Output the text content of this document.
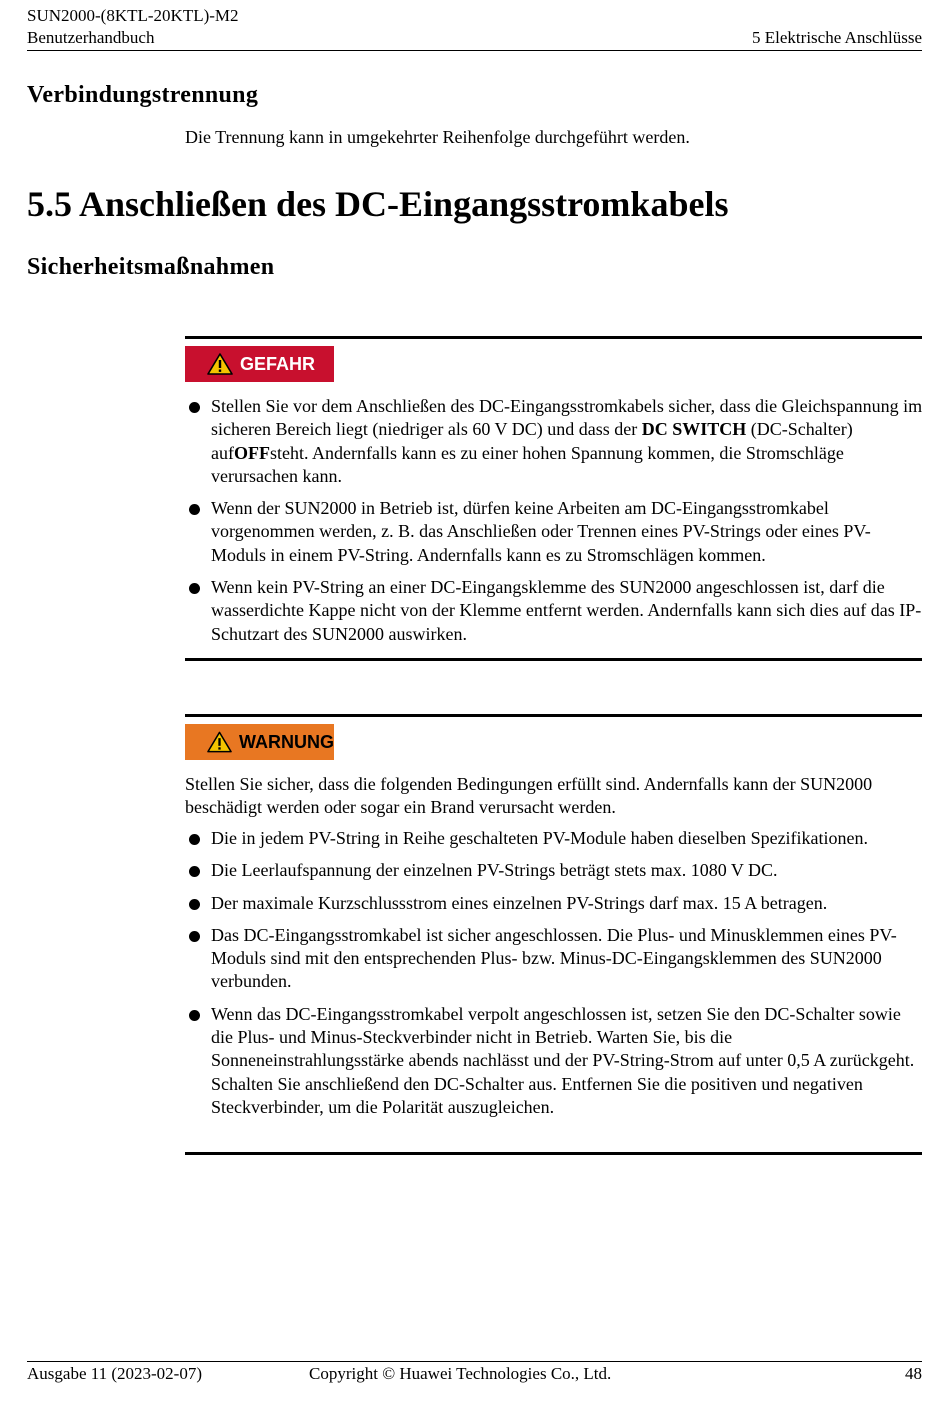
SUN2000-(8KTL-20KTL)-M2
Benutzerhandbuch	5 Elektrische Anschlüsse
Verbindungstrennung
Die Trennung kann in umgekehrter Reihenfolge durchgeführt werden.
5.5 Anschließen des DC-Eingangsstromkabels
Sicherheitsmaßnahmen
GEFAHR
Stellen Sie vor dem Anschließen des DC-Eingangsstromkabels sicher, dass die Gleichspannung im sicheren Bereich liegt (niedriger als 60 V DC) und dass der DC SWITCH (DC-Schalter) aufOFFsteht. Andernfalls kann es zu einer hohen Spannung kommen, die Stromschläge verursachen kann.
Wenn der SUN2000 in Betrieb ist, dürfen keine Arbeiten am DC-Eingangsstromkabel vorgenommen werden, z. B. das Anschließen oder Trennen eines PV-Strings oder eines PV-Moduls in einem PV-String. Andernfalls kann es zu Stromschlägen kommen.
Wenn kein PV-String an einer DC-Eingangsklemme des SUN2000 angeschlossen ist, darf die wasserdichte Kappe nicht von der Klemme entfernt werden. Andernfalls kann sich dies auf das IP-Schutzart des SUN2000 auswirken.
WARNUNG
Stellen Sie sicher, dass die folgenden Bedingungen erfüllt sind. Andernfalls kann der SUN2000 beschädigt werden oder sogar ein Brand verursacht werden.
Die in jedem PV-String in Reihe geschalteten PV-Module haben dieselben Spezifikationen.
Die Leerlaufspannung der einzelnen PV-Strings beträgt stets max. 1080 V DC.
Der maximale Kurzschlussstrom eines einzelnen PV-Strings darf max. 15 A betragen.
Das DC-Eingangsstromkabel ist sicher angeschlossen. Die Plus- und Minusklemmen eines PV-Moduls sind mit den entsprechenden Plus- bzw. Minus-DC-Eingangsklemmen des SUN2000 verbunden.
Wenn das DC-Eingangsstromkabel verpolt angeschlossen ist, setzen Sie den DC-Schalter sowie die Plus- und Minus-Steckverbinder nicht in Betrieb. Warten Sie, bis die Sonneneinstrahlungsstärke abends nachlässt und der PV-String-Strom auf unter 0,5 A zurückgeht. Schalten Sie anschließend den DC-Schalter aus. Entfernen Sie die positiven und negativen Steckverbinder, um die Polarität auszugleichen.
Ausgabe 11 (2023-02-07)	Copyright © Huawei Technologies Co., Ltd.	48
